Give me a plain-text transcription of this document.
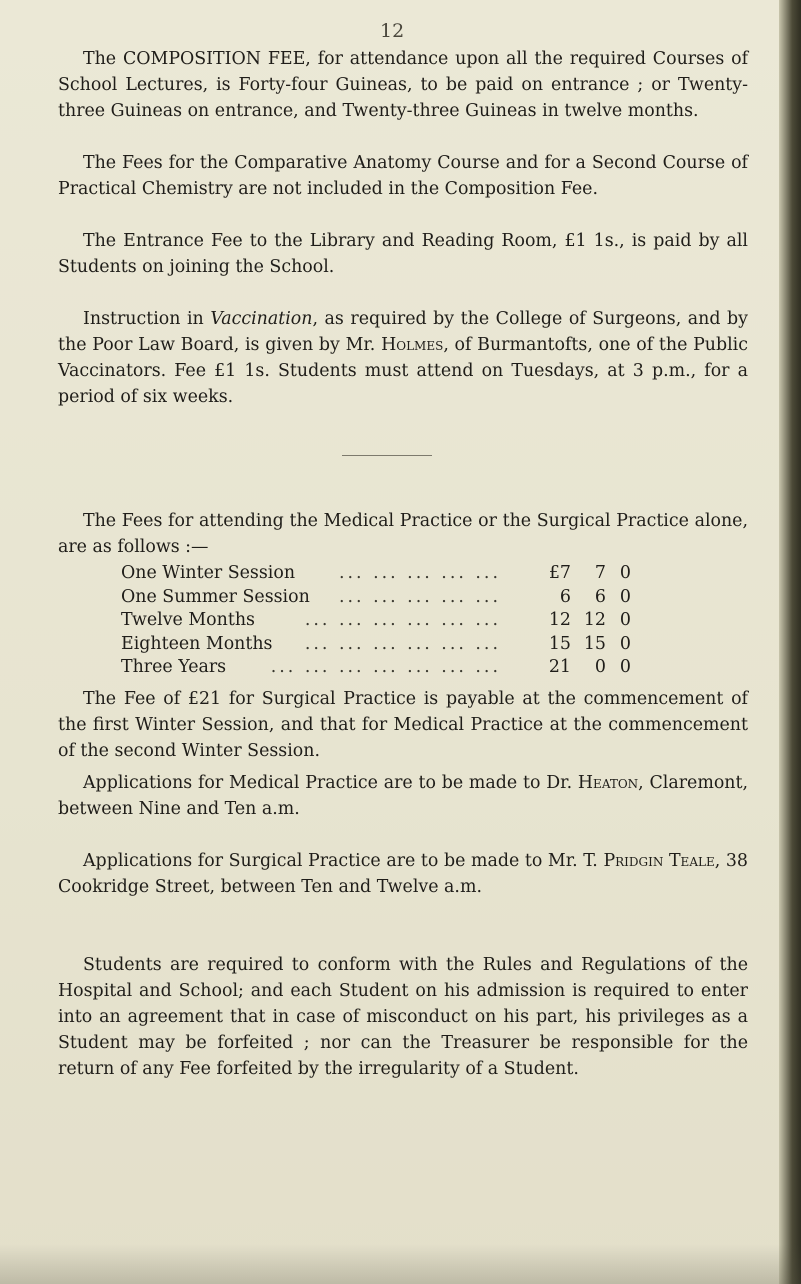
12

The COMPOSITION FEE, for attendance upon all the required Courses of School Lectures, is Forty-four Guineas, to be paid on entrance ; or Twenty-three Guineas on entrance, and Twenty-three Guineas in twelve months.

The Fees for the Comparative Anatomy Course and for a Second Course of Practical Chemistry are not included in the Composition Fee.

The Entrance Fee to the Library and Reading Room, £1 1s., is paid by all Students on joining the School.

Instruction in Vaccination, as required by the College of Surgeons, and by the Poor Law Board, is given by Mr. Holmes, of Burmantofts, one of the Public Vaccinators. Fee £1 1s. Students must attend on Tuesdays, at 3 p.m., for a period of six weeks.

The Fees for attending the Medical Practice or the Surgical Practice alone, are as follows :—

One Winter Session	... ... ... ... ...	£7	7 0
One Summer Session ... ... ... ... ...	6	6 0
Twelve Months	... ... ... ... ... ...	12 12 0
Eighteen Months ... ... ... ... ... ...	15 15 0
Three Years	... ... ... ... ... ... ...	21	0 0

The Fee of £21 for Surgical Practice is payable at the commencement of the first Winter Session, and that for Medical Practice at the commencement of the second Winter Session.

Applications for Medical Practice are to be made to Dr. Heaton, Claremont, between Nine and Ten a.m.

Applications for Surgical Practice are to be made to Mr. T. Pridgin Teale, 38 Cookridge Street, between Ten and Twelve a.m.

Students are required to conform with the Rules and Regulations of the Hospital and School; and each Student on his admission is required to enter into an agreement that in case of misconduct on his part, his privileges as a Student may be forfeited ; nor can the Treasurer be responsible for the return of any Fee forfeited by the irregularity of a Student.
